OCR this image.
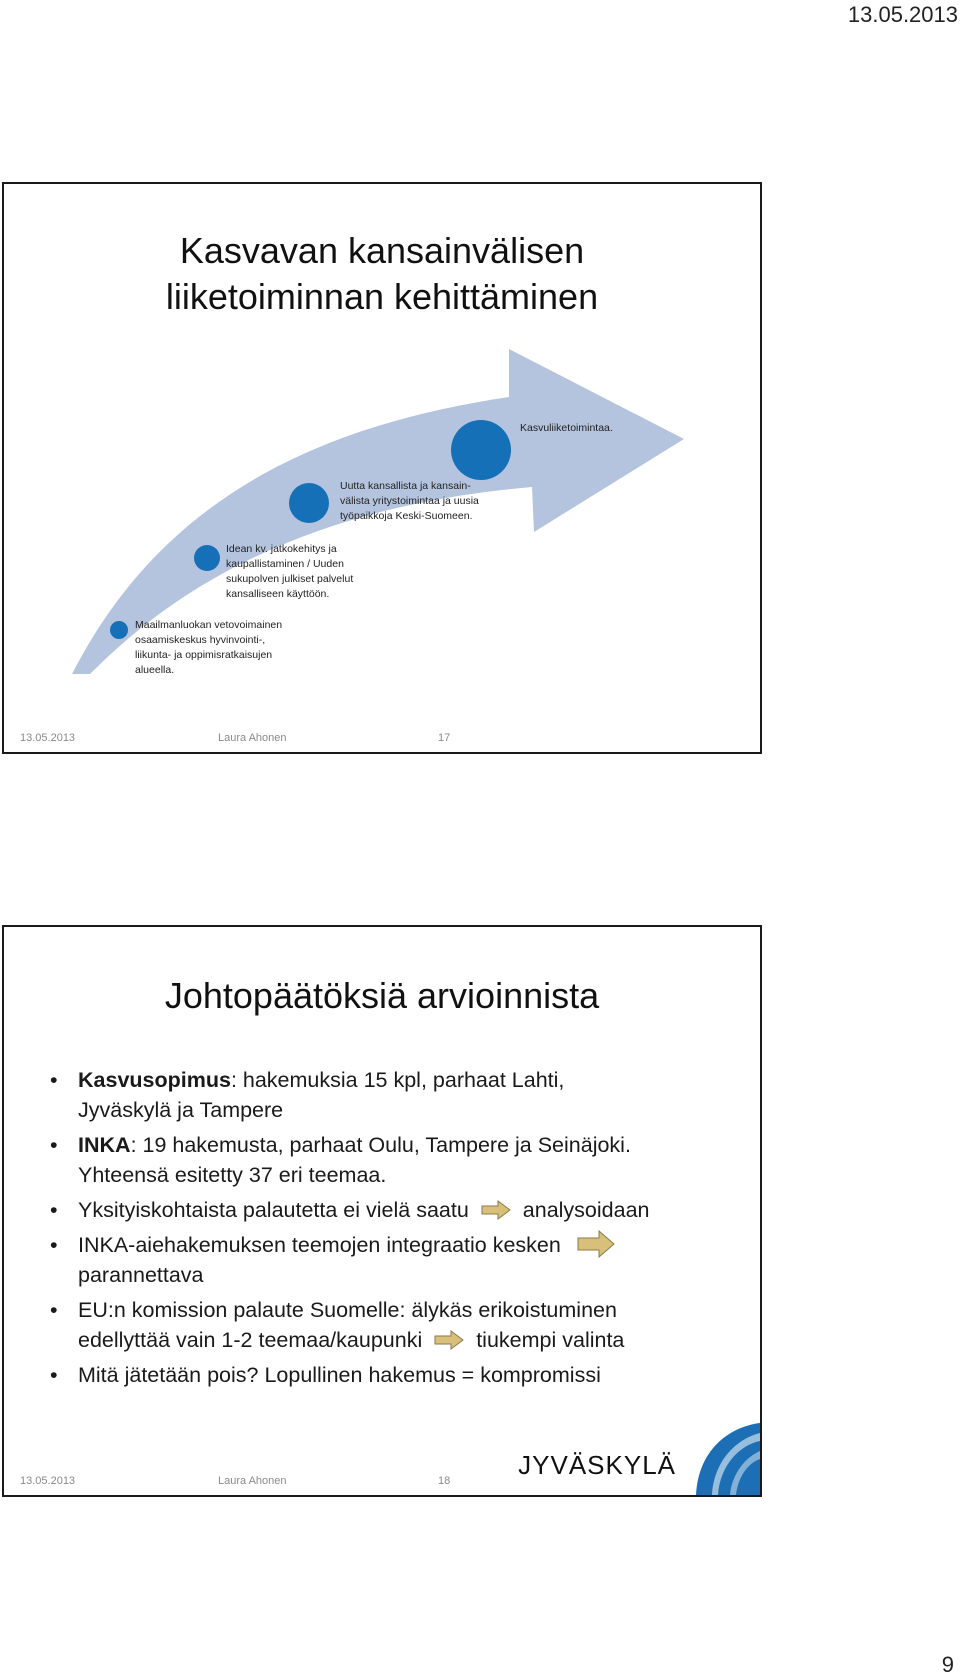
13.05.2013
Kasvavan kansainvälisen
liiketoiminnan kehittäminen
Kasvuliiketoimintaa.
Uutta kansallista ja kansain- välista yritystoimintaa ja uusia työpaikkoja Keski-Suomeen.
Idean kv. jatkokehitys ja kaupallistaminen / Uuden sukupolven julkiset palvelut kansalliseen käyttöön.
Maailmanluokan vetovoimainen osaamiskeskus hyvinvointi-, liikunta- ja oppimisratkaisujen alueella.
13.05.2013	Laura Ahonen	17
Johtopäätöksiä arvioinnista
• Kasvusopimus: hakemuksia 15 kpl, parhaat Lahti,
Jyväskylä ja Tampere
• INKA: 19 hakemusta, parhaat Oulu, Tampere ja Seinäjoki.
Yhteensä esitetty 37 eri teemaa.
• Yksityiskohtaista palautetta ei vielä saatu	analysoidaan
• INKA-aiehakemuksen teemojen integraatio kesken
parannettava
• EU:n komission palaute Suomelle: älykäs erikoistuminen
edellyttää vain 1-2 teemaa/kaupunki	tiukempi valinta
• Mitä jätetään pois? Lopullinen hakemus = kompromissi
13.05.2013	Laura Ahonen	18
JYVÄSKYLÄ
9
